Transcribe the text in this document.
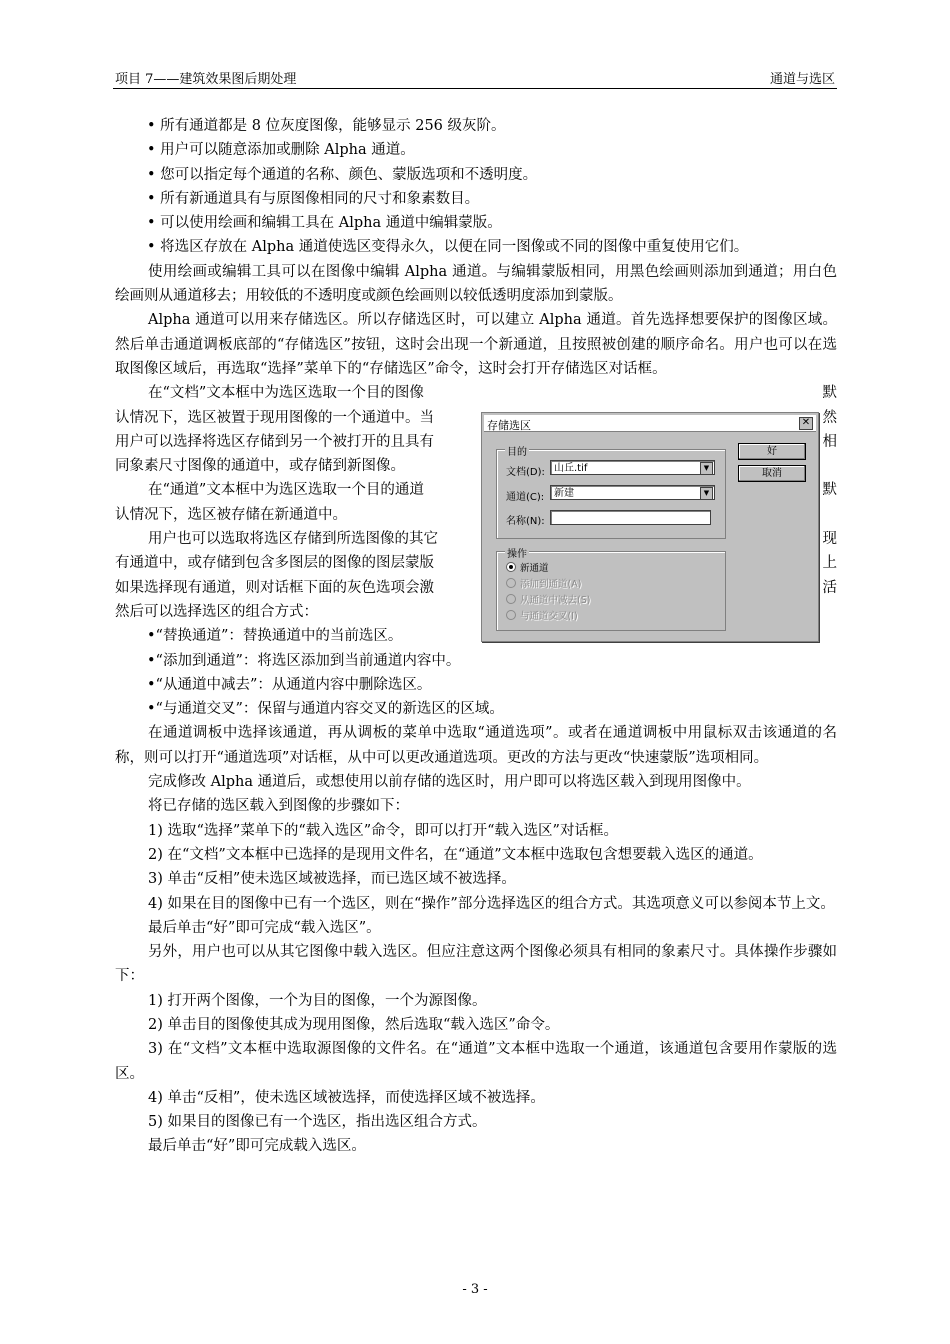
项目 7——建筑效果图后期处理	通道与选区

• 所有通道都是 8 位灰度图像，能够显示 256 级灰阶。

• 用户可以随意添加或删除 Alpha 通道。

• 您可以指定每个通道的名称、颜色、蒙版选项和不透明度。

• 所有新通道具有与原图像相同的尺寸和象素数目。

• 可以使用绘画和编辑工具在 Alpha 通道中编辑蒙版。

• 将选区存放在 Alpha 通道使选区变得永久，以便在同一图像或不同的图像中重复使用它们。

使用绘画或编辑工具可以在图像中编辑 Alpha 通道。与编辑蒙版相同，用黑色绘画则添加到通道；用白色绘画则从通道移去；用较低的不透明度或颜色绘画则以较低透明度添加到蒙版。

Alpha 通道可以用来存储选区。所以存储选区时，可以建立 Alpha 通道。首先选择想要保护的图像区域。然后单击通道调板底部的“存储选区”按钮，这时会出现一个新通道，且按照被创建的顺序命名。用户也可以在选取图像区域后，再选取“选择”菜单下的“存储选区”命令，这时会打开存储选区对话框。

在“文档”文本框中为选区选取一个目的图像	默
认情况下，选区被置于现用图像的一个通道中。当	然
用户可以选择将选区存储到另一个被打开的且具有	相
同象素尺寸图像的通道中，或存储到新图像。
在“通道”文本框中为选区选取一个目的通道	默
认情况下，选区被存储在新通道中。
用户也可以选取将选区存储到所选图像的其它	现
有通道中，或存储到包含多图层的图像的图层蒙版	上
如果选择现有通道，则对话框下面的灰色选项会激	活
然后可以选择选区的组合方式：

•“替换通道”：替换通道中的当前选区。

•“添加到通道”：将选区添加到当前通道内容中。

•“从通道中减去”：从通道内容中删除选区。

•“与通道交叉”：保留与通道内容交叉的新选区的区域。

在通道调板中选择该通道，再从调板的菜单中选取“通道选项”。或者在通道调板中用鼠标双击该通道的名称，则可以打开“通道选项”对话框，从中可以更改通道选项。更改的方法与更改“快速蒙版”选项相同。

完成修改 Alpha 通道后，或想使用以前存储的选区时，用户即可以将选区载入到现用图像中。

将已存储的选区载入到图像的步骤如下：

1) 选取“选择”菜单下的“载入选区”命令，即可以打开“载入选区”对话框。

2) 在“文档”文本框中已选择的是现用文件名，在“通道”文本框中选取包含想要载入选区的通道。

3) 单击“反相”使未选区域被选择，而已选区域不被选择。

4) 如果在目的图像中已有一个选区，则在“操作”部分选择选区的组合方式。其选项意义可以参阅本节上文。

最后单击“好”即可完成“载入选区”。

另外，用户也可以从其它图像中载入选区。但应注意这两个图像必须具有相同的象素尺寸。具体操作步骤如下：

1) 打开两个图像，一个为目的图像，一个为源图像。

2) 单击目的图像使其成为现用图像，然后选取“载入选区”命令。

3) 在“文档”文本框中选取源图像的文件名。在“通道”文本框中选取一个通道，该通道包含要用作蒙版的选区。

4) 单击“反相”，使未选区域被选择，而使选择区域不被选择。

5) 如果目的图像已有一个选区，指出选区组合方式。

最后单击“好”即可完成载入选区。

存储选区	✕
目的
文档(D): 山丘.tif	▼
通道(C): 新建	▼
名称(N):
好
取消
操作
新通道
添加到通道(A)
从通道中减去(S)
与通道交叉(I)
- 3 -
